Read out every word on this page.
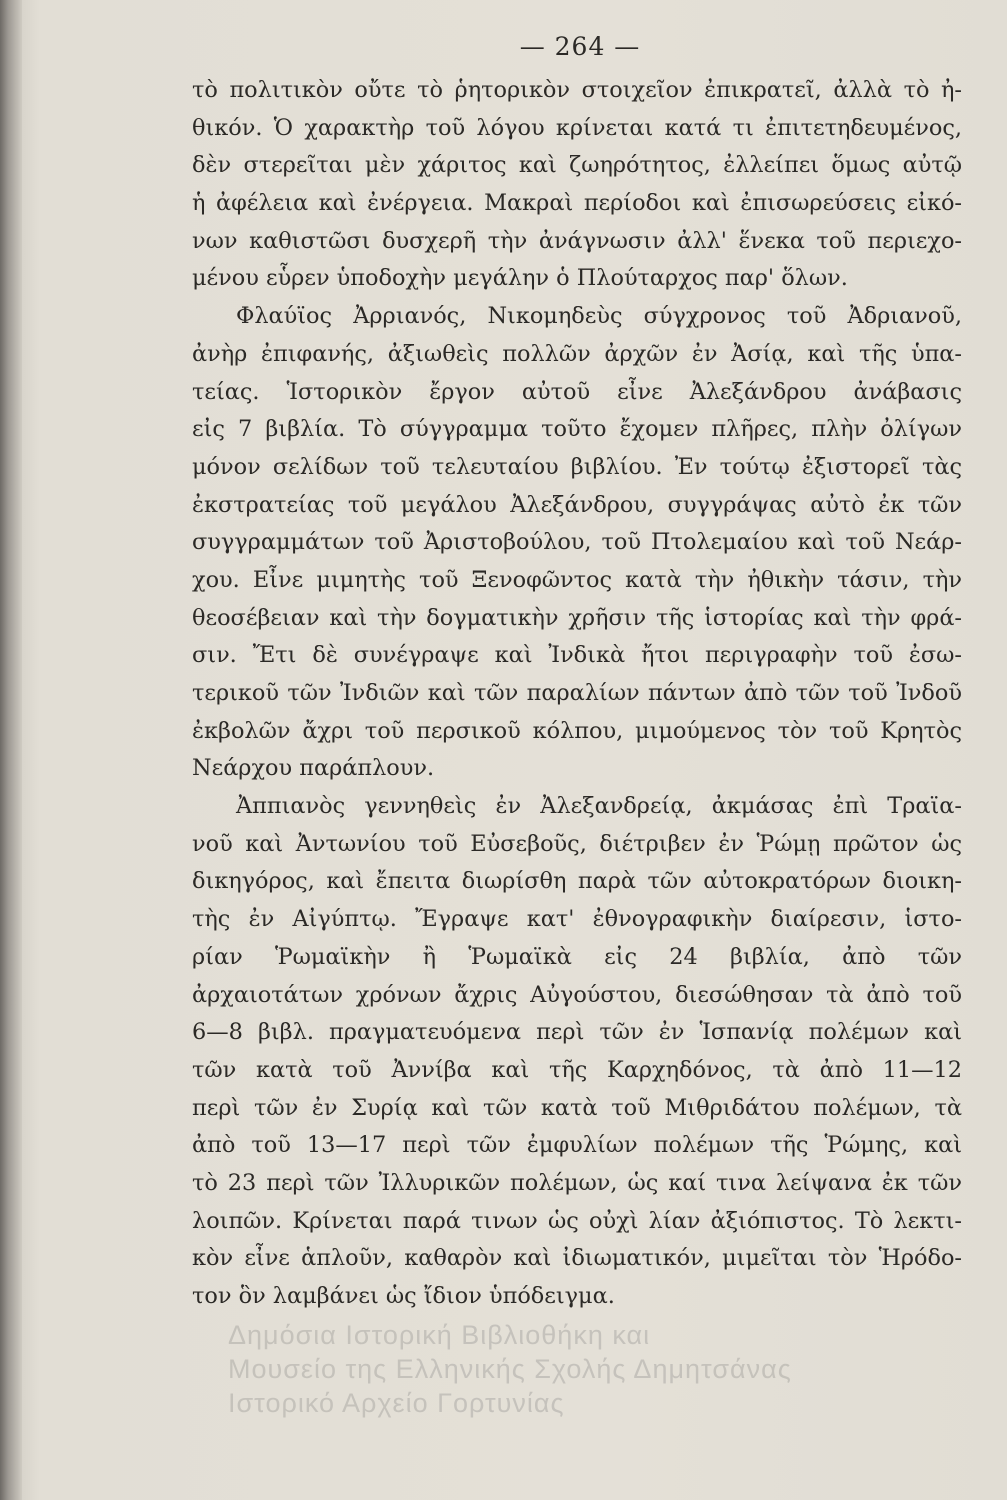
— 264 —
τὸ πολιτικὸν οὔτε τὸ ῥητορικὸν στοιχεῖον ἐπικρατεῖ, ἀλλὰ τὸ ἠ-
θικόν. Ὁ χαρακτὴρ τοῦ λόγου κρίνεται κατά τι ἐπιτετηδευμένος,
δὲν στερεῖται μὲν χάριτος καὶ ζωηρότητος, ἐλλείπει ὅμως αὐτῷ
ἡ ἀφέλεια καὶ ἐνέργεια. Μακραὶ περίοδοι καὶ ἐπισωρεύσεις εἰκό-
νων καθιστῶσι δυσχερῆ τὴν ἀνάγνωσιν ἀλλ' ἕνεκα τοῦ περιεχο-
μένου εὗρεν ὑποδοχὴν μεγάλην ὁ Πλούταρχος παρ' ὅλων.
Φλαύϊος Ἀρριανός, Νικομηδεὺς σύγχρονος τοῦ Ἀδριανοῦ,
ἀνὴρ ἐπιφανής, ἀξιωθεὶς πολλῶν ἀρχῶν ἐν Ἀσίᾳ, καὶ τῆς ὑπα-
τείας. Ἱστορικὸν ἔργον αὐτοῦ εἶνε Ἀλεξάνδρου ἀνάβασις
εἰς 7 βιβλία. Τὸ σύγγραμμα τοῦτο ἔχομεν πλῆρες, πλὴν ὀλίγων
μόνον σελίδων τοῦ τελευταίου βιβλίου. Ἐν τούτῳ ἐξιστορεῖ τὰς
ἐκστρατείας τοῦ μεγάλου Ἀλεξάνδρου, συγγράψας αὐτὸ ἐκ τῶν
συγγραμμάτων τοῦ Ἀριστοβούλου, τοῦ Πτολεμαίου καὶ τοῦ Νεάρ-
χου. Εἶνε μιμητὴς τοῦ Ξενοφῶντος κατὰ τὴν ἠθικὴν τάσιν, τὴν
θεοσέβειαν καὶ τὴν δογματικὴν χρῆσιν τῆς ἱστορίας καὶ τὴν φρά-
σιν. Ἔτι δὲ συνέγραψε καὶ Ἰνδικὰ ἤτοι περιγραφὴν τοῦ ἐσω-
τερικοῦ τῶν Ἰνδιῶν καὶ τῶν παραλίων πάντων ἀπὸ τῶν τοῦ Ἰνδοῦ
ἐκβολῶν ἄχρι τοῦ περσικοῦ κόλπου, μιμούμενος τὸν τοῦ Κρητὸς
Νεάρχου παράπλουν.
Ἀππιανὸς γεννηθεὶς ἐν Ἀλεξανδρείᾳ, ἀκμάσας ἐπὶ Τραϊα-
νοῦ καὶ Ἀντωνίου τοῦ Εὐσεβοῦς, διέτριβεν ἐν Ῥώμῃ πρῶτον ὡς
δικηγόρος, καὶ ἔπειτα διωρίσθη παρὰ τῶν αὐτοκρατόρων διοικη-
τὴς ἐν Αἰγύπτῳ. Ἔγραψε κατ' ἐθνογραφικὴν διαίρεσιν, ἱστο-
ρίαν Ῥωμαϊκὴν ἢ Ῥωμαϊκὰ εἰς 24 βιβλία, ἀπὸ τῶν
ἀρχαιοτάτων χρόνων ἄχρις Αὐγούστου, διεσώθησαν τὰ ἀπὸ τοῦ
6—8 βιβλ. πραγματευόμενα περὶ τῶν ἐν Ἱσπανίᾳ πολέμων καὶ
τῶν κατὰ τοῦ Ἀννίβα καὶ τῆς Καρχηδόνος, τὰ ἀπὸ 11—12
περὶ τῶν ἐν Συρίᾳ καὶ τῶν κατὰ τοῦ Μιθριδάτου πολέμων, τὰ
ἀπὸ τοῦ 13—17 περὶ τῶν ἐμφυλίων πολέμων τῆς Ῥώμης, καὶ
τὸ 23 περὶ τῶν Ἰλλυρικῶν πολέμων, ὡς καί τινα λείψανα ἐκ τῶν
λοιπῶν. Κρίνεται παρά τινων ὡς οὐχὶ λίαν ἀξιόπιστος. Τὸ λεκτι-
κὸν εἶνε ἁπλοῦν, καθαρὸν καὶ ἰδιωματικόν, μιμεῖται τὸν Ἡρόδο-
τον ὃν λαμβάνει ὡς ἴδιον ὑπόδειγμα.
Δημόσια Ιστορική Βιβλιοθήκη και
Μουσείο της Ελληνικής Σχολής Δημητσάνας
Ιστορικό Αρχείο Γορτυνίας
